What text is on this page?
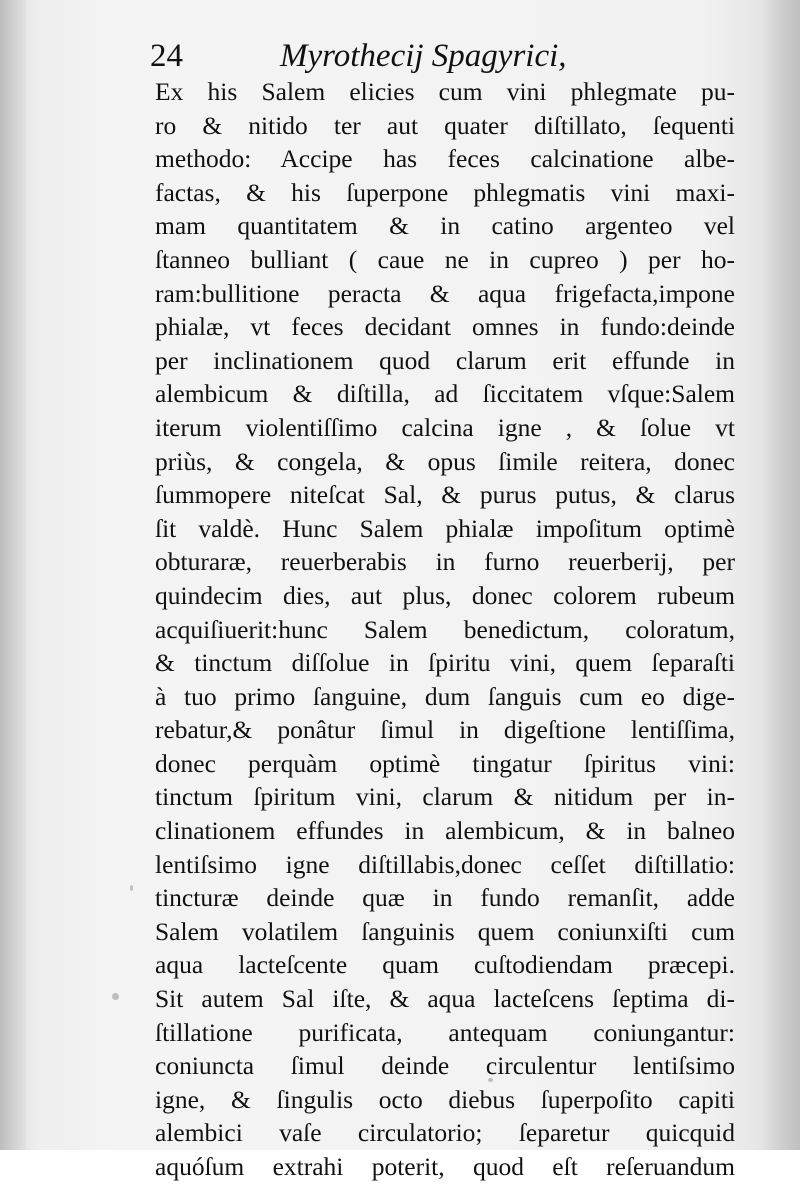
24	Myrothecij Spagyrici,
Ex his Salem elicies cum vini phlegmate pu-
ro & nitido ter aut quater diſtillato, ſequenti
methodo: Accipe has feces calcinatione albe-
factas, & his ſuperpone phlegmatis vini maxi-
mam quantitatem & in catino argenteo vel
ſtanneo bulliant ( caue ne in cupreo ) per ho-
ram:bullitione peracta & aqua frigefacta,impone
phialæ, vt feces decidant omnes in fundo:deinde
per inclinationem quod clarum erit effunde in
alembicum & diſtilla, ad ſiccitatem vſque:Salem
iterum violentiſſimo calcina igne , & ſolue vt
priùs, & congela, & opus ſimile reitera, donec
ſummopere niteſcat Sal, & purus putus, & clarus
ſit valdè. Hunc Salem phialæ impoſitum optimè
obturaræ, reuerberabis in furno reuerberij, per
quindecim dies, aut plus, donec colorem rubeum
acquiſiuerit:hunc Salem benedictum, coloratum,
& tinctum diſſolue in ſpiritu vini, quem ſeparaſti
à tuo primo ſanguine, dum ſanguis cum eo dige-
rebatur,& ponâtur ſimul in digeſtione lentiſſima,
donec perquàm optimè tingatur ſpiritus vini:
tinctum ſpiritum vini, clarum & nitidum per in-
clinationem effundes in alembicum, & in balneo
lentiſsimo igne diſtillabis,donec ceſſet diſtillatio:
tincturæ deinde quæ in fundo remanſit, adde
Salem volatilem ſanguinis quem coniunxiſti cum
aqua lacteſcente quam cuſtodiendam præcepi.
Sit autem Sal iſte, & aqua lacteſcens ſeptima di-
ſtillatione purificata, antequam coniungantur:
coniuncta ſimul deinde circulentur lentiſsimo
igne, & ſingulis octo diebus ſuperpoſito capiti
alembici vaſe circulatorio; ſeparetur quicquid
aquóſum extrahi poterit, quod eſt reſeruandum
